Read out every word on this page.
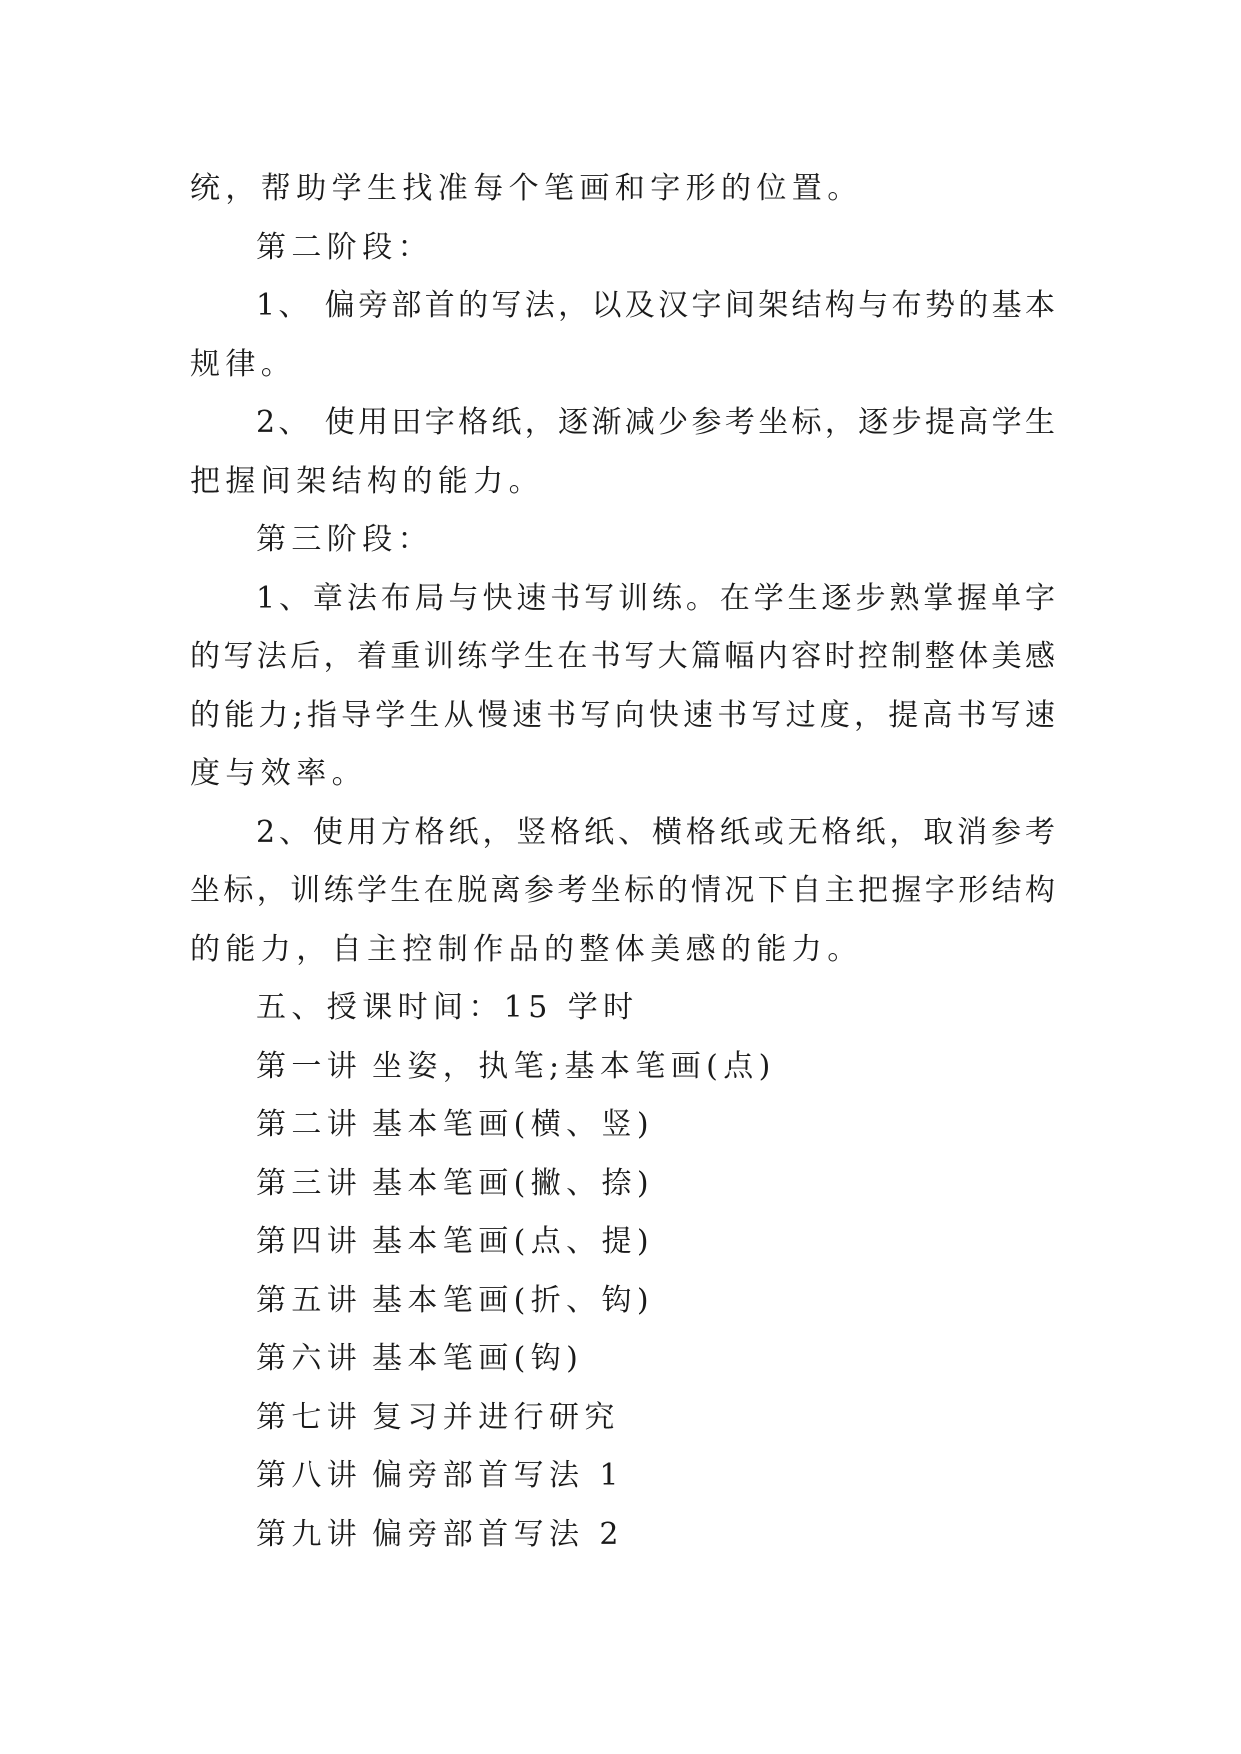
统，帮助学生找准每个笔画和字形的位置。
第二阶段：
1、 偏旁部首的写法，以及汉字间架结构与布势的基本
规律。
2、 使用田字格纸，逐渐减少参考坐标，逐步提高学生
把握间架结构的能力。
第三阶段：
1、章法布局与快速书写训练。在学生逐步熟掌握单字
的写法后，着重训练学生在书写大篇幅内容时控制整体美感
的能力;指导学生从慢速书写向快速书写过度，提高书写速
度与效率。
2、使用方格纸，竖格纸、横格纸或无格纸，取消参考
坐标，训练学生在脱离参考坐标的情况下自主把握字形结构
的能力，自主控制作品的整体美感的能力。
五、授课时间：15 学时
第一讲 坐姿，执笔;基本笔画(点)
第二讲 基本笔画(横、竖)
第三讲 基本笔画(撇、捺)
第四讲 基本笔画(点、提)
第五讲 基本笔画(折、钩)
第六讲 基本笔画(钩)
第七讲 复习并进行研究
第八讲 偏旁部首写法 1
第九讲 偏旁部首写法 2
